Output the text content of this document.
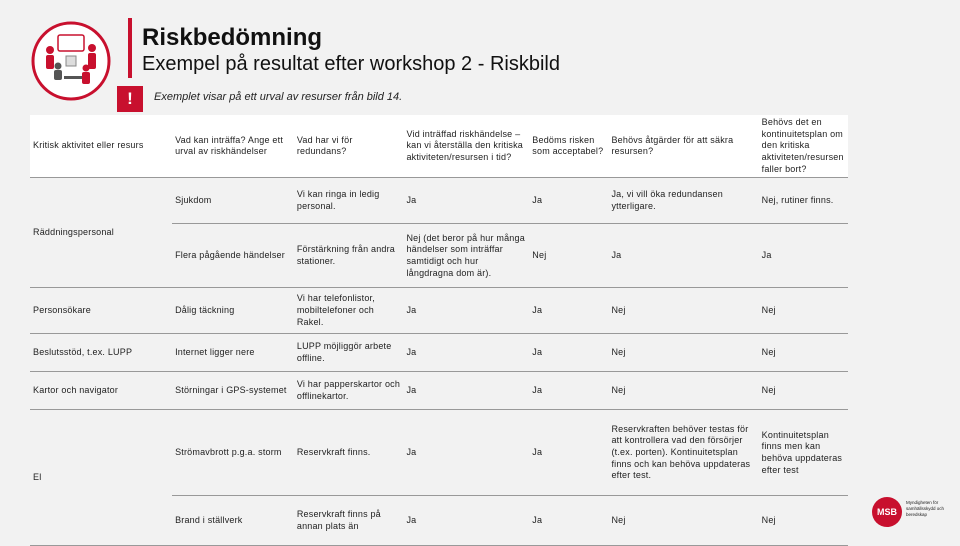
Riskbedömning
Exempel på resultat efter workshop 2 - Riskbild
!	Exemplet visar på ett urval av resurser från bild 14.
Kritisk aktivitet eller resurs	Vad kan inträffa? Ange ett urval av riskhändelser	Vad har vi för redundans?	Vid inträffad riskhändelse – kan vi återställa den kritiska aktiviteten/resursen i tid?	Bedöms risken som acceptabel?	Behövs åtgärder för att säkra resursen?	Behövs det en kontinuitetsplan om den kritiska aktiviteten/resursen faller bort?
Räddningspersonal	Sjukdom	Vi kan ringa in ledig personal.	Ja	Ja	Ja, vi vill öka redundansen ytterligare.	Nej, rutiner finns.
	Flera pågående händelser	Förstärkning från andra stationer.	Nej (det beror på hur många händelser som inträffar samtidigt och hur långdragna dom är).	Nej	Ja	Ja
Personsökare	Dålig täckning	Vi har telefonlistor, mobiltelefoner och Rakel.	Ja	Ja	Nej	Nej
Beslutsstöd, t.ex. LUPP	Internet ligger nere	LUPP möjliggör arbete offline.	Ja	Ja	Nej	Nej
Kartor och navigator	Störningar i GPS-systemet	Vi har papperskartor och offlinekartor.	Ja	Ja	Nej	Nej
El	Strömavbrott p.g.a. storm	Reservkraft finns.	Ja	Ja	Reservkraften behöver testas för att kontrollera vad den försörjer (t.ex. porten). Kontinuitetsplan finns och kan behöva uppdateras efter test.	Kontinuitetsplan finns men kan behöva uppdateras efter test
	Brand i ställverk	Reservkraft finns på annan plats än	Ja	Ja	Nej	Nej
MSB
Myndigheten för samhällsskydd och beredskap
